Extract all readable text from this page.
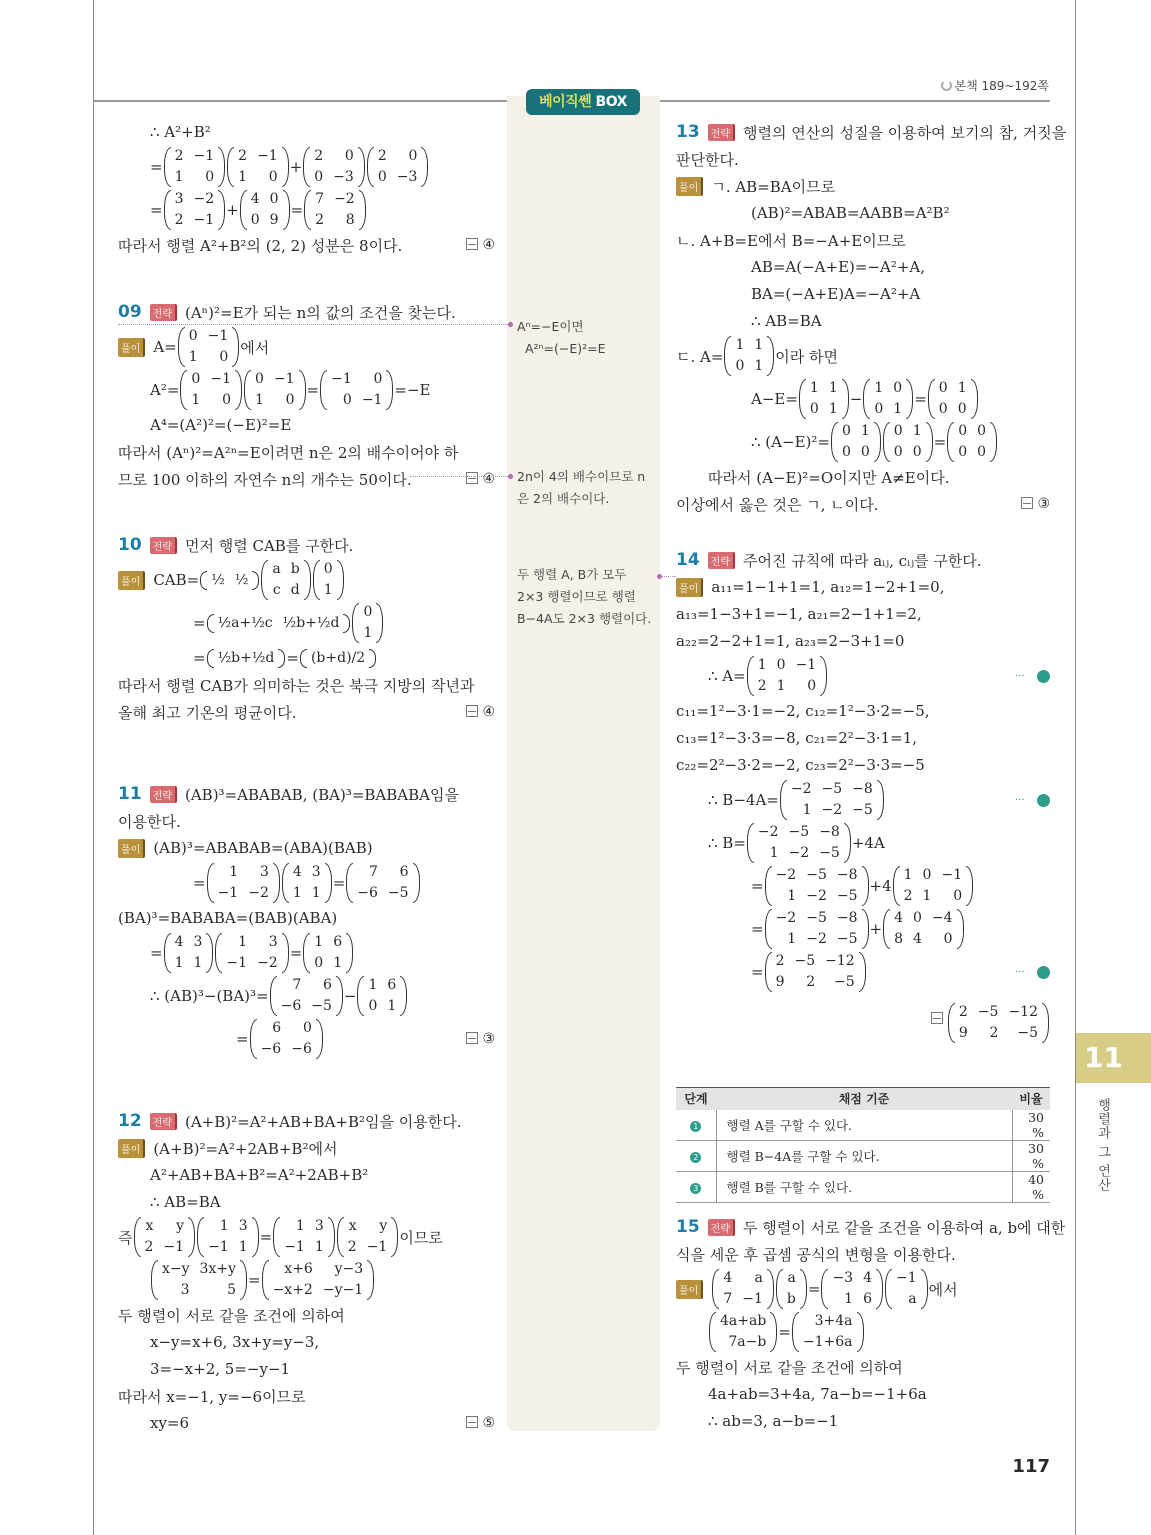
베이직쎈 BOX
본책 189~192쪽
∴ A²+B²
=
2	−1
1	0
2	−1
1	0
+
2	0
0	−3
2	0
0	−3
=
3	−2
2	−1
+
4	0
0	9
=
7	−2
2	8
따라서 행렬 A²+B²의 (2, 2) 성분은 8이다.	④
09	전략 (Aⁿ)²=E가 되는 n의 값의 조건을 찾는다.
풀이 A=
0	−1
1	0
에서
A²=
0	−1
1	0
0	−1
1	0
=
−1	0
0	−1
=−E
A⁴=(A²)²=(−E)²=E
따라서 (Aⁿ)²=A²ⁿ=E이려면 n은 2의 배수이어야 하
므로 100 이하의 자연수 n의 개수는 50이다.	④
10	전략 먼저 행렬 CAB를 구한다.
풀이 CAB= ½	½
a	b
c	d
0
1
= ½a+½c	½b+½d
0
1
= ½b+½d = (b+d)/2
따라서 행렬 CAB가 의미하는 것은 북극 지방의 작년과
올해 최고 기온의 평균이다.	④
11	전략 (AB)³=ABABAB, (BA)³=BABABA임을
이용한다.
풀이 (AB)³=ABABAB=(ABA)(BAB)
=
1	3
−1	−2
4	3
1	1
=
7	6
−6	−5
(BA)³=BABABA=(BAB)(ABA)
=
4	3
1	1
1	3
−1	−2
=
1	6
0	1
∴ (AB)³−(BA)³=
7	6
−6	−5
−
1	6
0	1
=
6	0
−6	−6
③
12	전략 (A+B)²=A²+AB+BA+B²임을 이용한다.
풀이 (A+B)²=A²+2AB+B²에서
A²+AB+BA+B²=A²+2AB+B²
∴ AB=BA
즉
x	y
2	−1
1	3
−1	1
=
1	3
−1	1
x	y
2	−1
이므로
x−y	3x+y
3	5
=
x+6	y−3
−x+2	−y−1
두 행렬이 서로 같을 조건에 의하여
x−y=x+6, 3x+y=y−3,
3=−x+2, 5=−y−1
따라서 x=−1, y=−6이므로
xy=6	⑤
13	전략 행렬의 연산의 성질을 이용하여 보기의 참, 거짓을
판단한다.
풀이 ㄱ. AB=BA이므로
(AB)²=ABAB=AABB=A²B²
ㄴ. A+B=E에서 B=−A+E이므로
AB=A(−A+E)=−A²+A,
BA=(−A+E)A=−A²+A
∴ AB=BA
ㄷ. A=
1	1
0	1
이라 하면
A−E=
1	1
0	1
−
1	0
0	1
=
0	1
0	0
∴ (A−E)²=
0	1
0	0
0	1
0	0
=
0	0
0	0
따라서 (A−E)²=O이지만 A≠E이다.
이상에서 옳은 것은 ㄱ, ㄴ이다.	③
14	전략 주어진 규칙에 따라 aᵢⱼ, cᵢⱼ를 구한다.
풀이 a₁₁=1−1+1=1, a₁₂=1−2+1=0,
a₁₃=1−3+1=−1, a₂₁=2−1+1=2,
a₂₂=2−2+1=1, a₂₃=2−3+1=0
∴ A=
1	0	−1
2	1	0
··· 1
c₁₁=1²−3·1=−2, c₁₂=1²−3·2=−5,
c₁₃=1²−3·3=−8, c₂₁=2²−3·1=1,
c₂₂=2²−3·2=−2, c₂₃=2²−3·3=−5
∴ B−4A=
−2	−5	−8
1	−2	−5
··· 2
∴ B=
−2	−5	−8
1	−2	−5
+4A
=
−2	−5	−8
1	−2	−5
+4
1	0	−1
2	1	0
=
−2	−5	−8
1	−2	−5
+
4	0	−4
8	4	0
=
2	−5	−12
9	2	−5
··· 3
2	−5	−12
9	2	−5
15	전략 두 행렬이 서로 같을 조건을 이용하여 a, b에 대한
식을 세운 후 곱셈 공식의 변형을 이용한다.
풀이
4	a
7	−1
a
b
=
−3	4
1	6
−1
a
에서
4a+ab
7a−b
=
3+4a
−1+6a
두 행렬이 서로 같을 조건에 의하여
4a+ab=3+4a, 7a−b=−1+6a
∴ ab=3, a−b=−1
Aⁿ=−E이면
A²ⁿ=(−E)²=E
2n이 4의 배수이므로 n
은 2의 배수이다.
두 행렬 A, B가 모두
2×3 행렬이므로 행렬
B−4A도 2×3 행렬이다.
단계	채점 기준	비율
1	행렬 A를 구할 수 있다.	30 %
2	행렬 B−4A를 구할 수 있다.	30 %
3	행렬 B를 구할 수 있다.	40 %
11
행렬과 그 연산
117
